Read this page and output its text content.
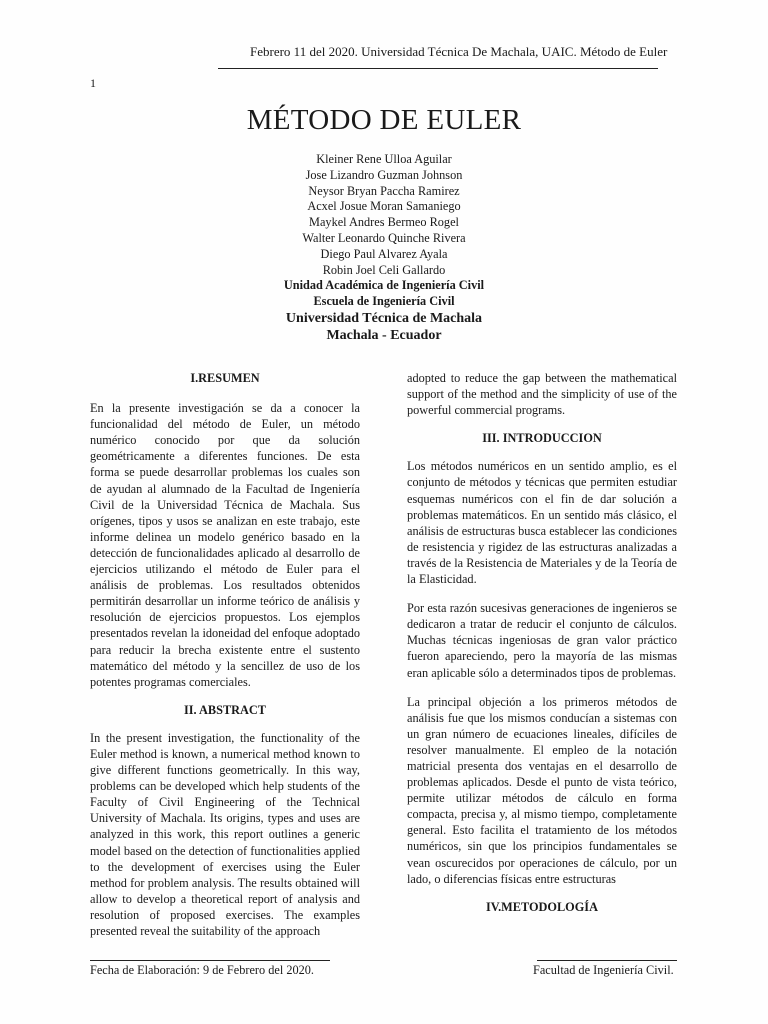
Febrero 11 del 2020. Universidad Técnica De Machala, UAIC. Método de Euler
1
MÉTODO DE EULER
Kleiner Rene Ulloa Aguilar
Jose Lizandro Guzman Johnson
Neysor Bryan Paccha Ramirez
Acxel Josue Moran Samaniego
Maykel Andres Bermeo Rogel
Walter Leonardo Quinche Rivera
Diego Paul Alvarez Ayala
Robin Joel Celi Gallardo
Unidad Académica de Ingeniería Civil
Escuela de Ingeniería Civil
Universidad Técnica de Machala
Machala - Ecuador

I.RESUMEN

En la presente investigación se da a conocer la funcionalidad del método de Euler, un método numérico conocido por que da solución geométricamente a diferentes funciones. De esta forma se puede desarrollar problemas los cuales son de ayudan al alumnado de la Facultad de Ingeniería Civil de la Universidad Técnica de Machala. Sus orígenes, tipos y usos se analizan en este trabajo, este informe delinea un modelo genérico basado en la detección de funcionalidades aplicado al desarrollo de ejercicios utilizando el método de Euler para el análisis de problemas. Los resultados obtenidos permitirán desarrollar un informe teórico de análisis y resolución de ejercicios propuestos. Los ejemplos presentados revelan la idoneidad del enfoque adoptado para reducir la brecha existente entre el sustento matemático del método y la sencillez de uso de los potentes programas comerciales.

II. ABSTRACT

In the present investigation, the functionality of the Euler method is known, a numerical method known to give different functions geometrically. In this way, problems can be developed which help students of the Faculty of Civil Engineering of the Technical University of Machala. Its origins, types and uses are analyzed in this work, this report outlines a generic model based on the detection of functionalities applied to the development of exercises using the Euler method for problem analysis. The results obtained will allow to develop a theoretical report of analysis and resolution of proposed exercises. The examples presented reveal the suitability of the approach

adopted to reduce the gap between the mathematical support of the method and the simplicity of use of the powerful commercial programs.

III. INTRODUCCION

Los métodos numéricos en un sentido amplio, es el conjunto de métodos y técnicas que permiten estudiar esquemas numéricos con el fin de dar solución a problemas matemáticos. En un sentido más clásico, el análisis de estructuras busca establecer las condiciones de resistencia y rigidez de las estructuras analizadas a través de la Resistencia de Materiales y de la Teoría de la Elasticidad.

Por esta razón sucesivas generaciones de ingenieros se dedicaron a tratar de reducir el conjunto de cálculos. Muchas técnicas ingeniosas de gran valor práctico fueron apareciendo, pero la mayoría de las mismas eran aplicable sólo a determinados tipos de problemas.

La principal objeción a los primeros métodos de análisis fue que los mismos conducían a sistemas con un gran número de ecuaciones lineales, difíciles de resolver manualmente. El empleo de la notación matricial presenta dos ventajas en el desarrollo de problemas aplicados. Desde el punto de vista teórico, permite utilizar métodos de cálculo en forma compacta, precisa y, al mismo tiempo, completamente general. Esto facilita el tratamiento de los métodos numéricos, sin que los principios fundamentales se vean oscurecidos por operaciones de cálculo, por un lado, o diferencias físicas entre estructuras

IV.METODOLOGÍA

Fecha de Elaboración: 9 de Febrero del 2020.	Facultad de Ingeniería Civil.
